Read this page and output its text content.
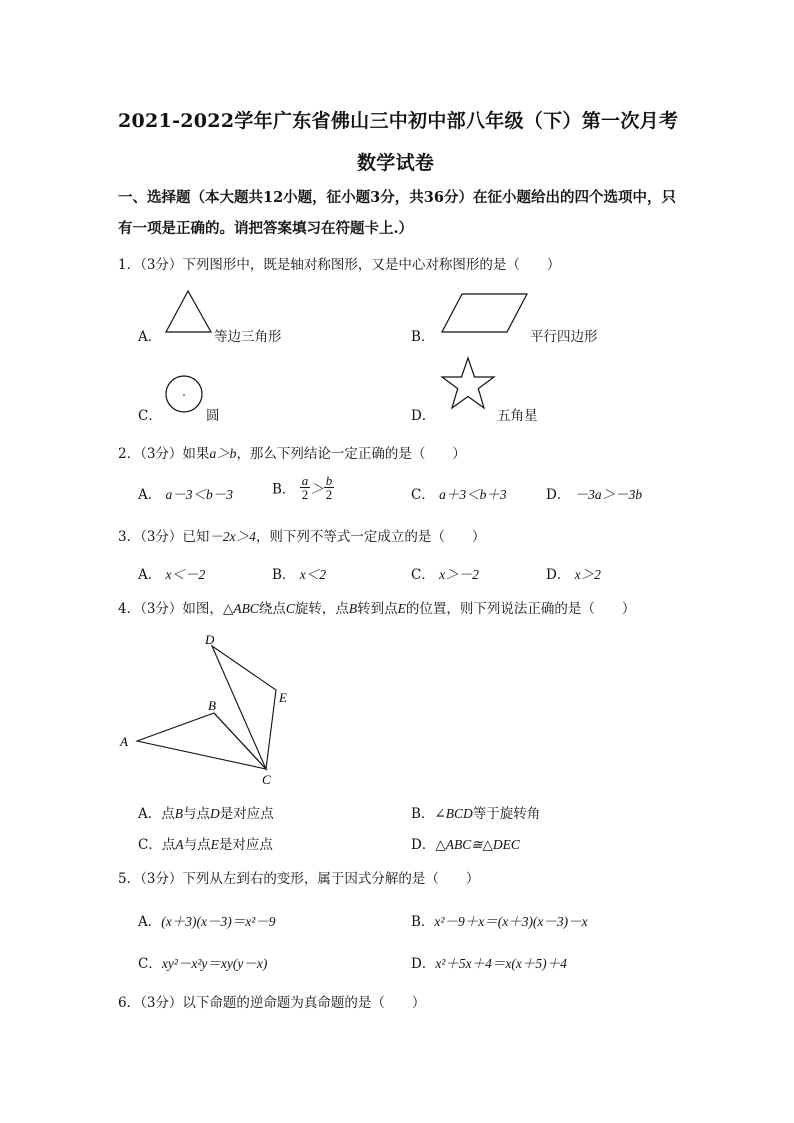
2021-2022学年广东省佛山三中初中部八年级（下）第一次月考
数学试卷
一、选择题（本大题共12小题，征小题3分，共36分）在征小题给出的四个选项中，只
有一项是正确的。诮把答案填习在符题卡上.）
1．（3分）下列图形中，既是轴对称图形，又是中心对称图形的是（　　）
A．	等边三角形	B．	平行四边形
C．	圆	D．	五角星
2．（3分）如果a＞b，那么下列结论一定正确的是（　　）
A． a－3＜b－3	B． $\frac{a}{2} > \frac{b}{2}$	C． a＋3＜b＋3	D． －3a＞－3b
3．（3分）已知－2x＞4，则下列不等式一定成立的是（　　）
A． x＜－2	B． x＜2	C． x＞－2	D． x＞2
4．（3分）如图，△ABC绕点C旋转，点B转到点E的位置，则下列说法正确的是（　　）
A
B
C
D
E
A．点B与点D是对应点	B．∠BCD等于旋转角
C．点A与点E是对应点	D．△ABC≅△DEC
5．（3分）下列从左到右的变形，属于因式分解的是（　　）
A．(x＋3)(x－3)＝x²－9	B．x²－9＋x＝(x＋3)(x－3)－x
C．xy²－x²y＝xy(y－x)	D．x²＋5x＋4＝x(x＋5)＋4
6．（3分）以下命题的逆命题为真命题的是（　　）
